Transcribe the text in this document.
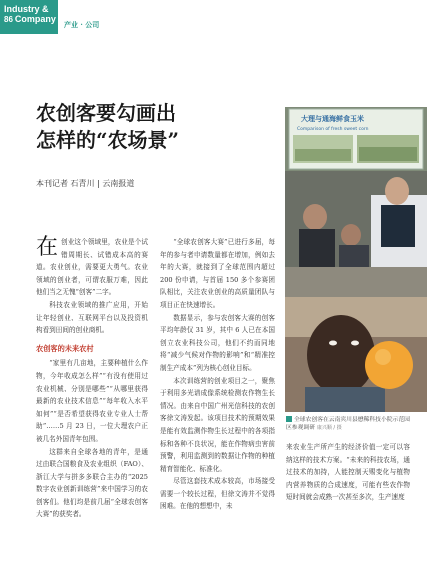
Industry &
86 Company
产业 · 公司
农创客要勾画出
怎样的“农场景”
本刊记者 石青川 | 云南报道

在创业这个领域里，农业是个试错周期长、试错成本高的赛道。农业创业，需要更大勇气。农业领域的创业者，可谓农服万难，因此他们当之无愧“创客”二字。

科技农业领域的推广应用，开始让年轻创业、互联网平台以及投资机构看到田间的创业商机。

农创客的未来农村

“家里有几亩地，主要种植什么作物，今年收成怎么样”“有没有使用过农业机械、分别是哪些”“从哪里获得最新的农业技术信息”“每年收入水平如何”“是否希望获得农业专业人士帮助”……5 月 23 日，一位大理农户正被几名外国青年包围。

这群来自全球各地的青年，是通过由联合国粮食及农业组织（FAO）、浙江大学与拼多多联合主办的“2025 数字农业创新训练营”来中国学习的农创客们。他们均是前几届“全球农创客大赛”的获奖者。

“全球农创客大赛”已进行多届，每年的参与者申请数量都在增加，例如去年的大赛，就接到了全球范围内超过 200 份申请，与首届 150 多个参赛团队相比，关注农业创业的高质量团队与项目正在快速增长。

数据显示，参与农创客大赛的创客平均年龄仅 31 岁，其中 6 人已在本国创立农业科技公司，他们不约而同地将“减少气候对作物的影响”和“精准控制生产成本”列为核心创业目标。

本次训练营的创业项目之一，聚焦于利用多光谱成像系统检测农作物生长情况。由来自中国广州光信科技的农创客徐文涛发起。该项目技术的预期效果是能有效监测作物生长过程中的各项指标和各种不良状况，能在作物病虫害前预警，利用监测到的数据让作物的种植精育智能化、标准化。

尽管这套技术成本较高，市场接受需要一个较长过程，但徐文涛并不觉得困难。在他的想想中，未

大理与通海鲜食玉米
Comparison of fresh sweet corn
全球农创客在云南宾川县懋稀科技小院示范园区参观调研 康兴顺 / 摄

来农业生产所产生的经济价值一定可以容纳这样的技术方案。“未来的科技农场，通过技术的加持，人能控制天赐变化与植物内营养物质的合成速度，可能有些农作物短时间就会成熟一次甚至多次，生产速度
